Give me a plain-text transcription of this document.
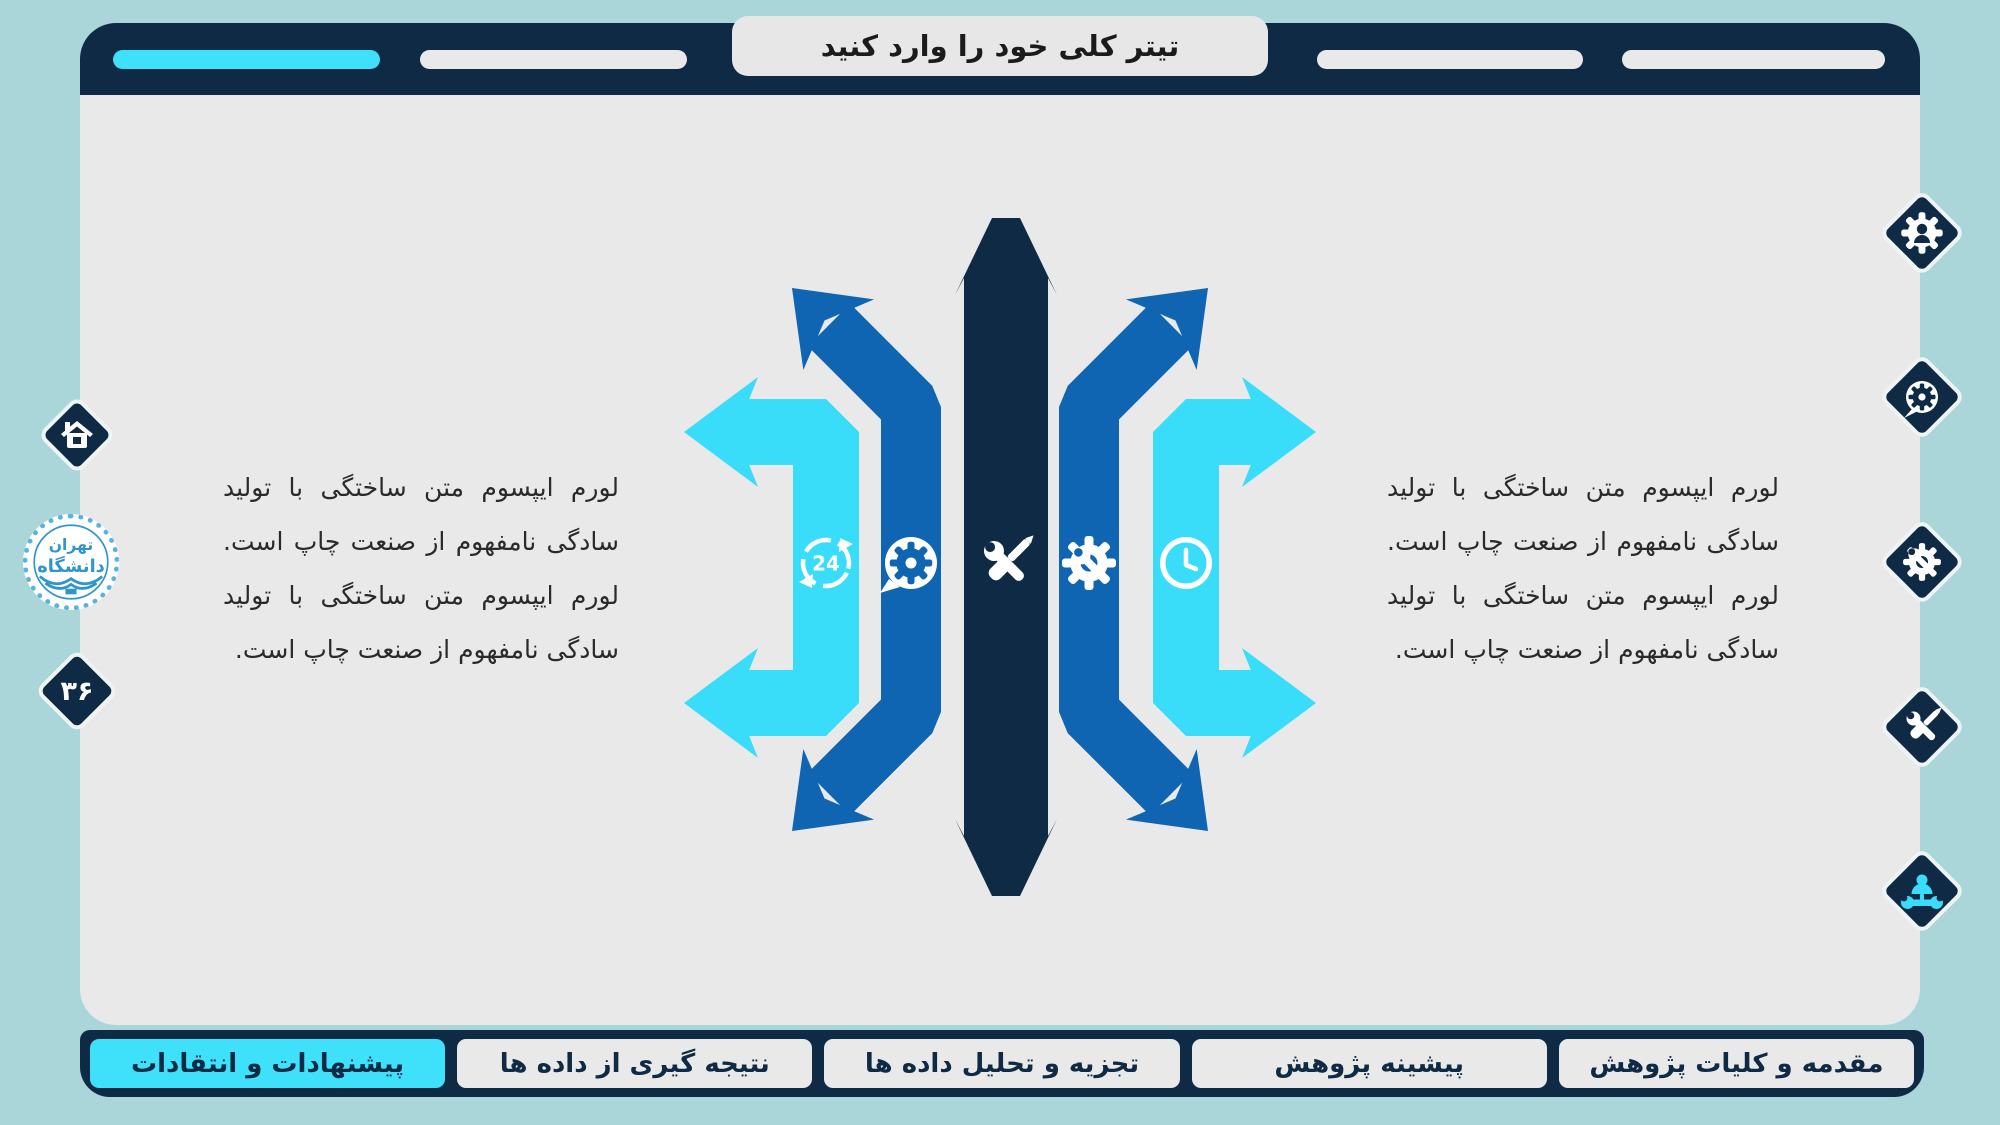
تیتر کلی خود را وارد کنید
تهران
دانشگاه
۳۶
لورم ایپسوم متن ساختگی با تولید سادگی نامفهوم از صنعت چاپ است. لورم ایپسوم متن ساختگی با تولید سادگی نامفهوم از صنعت چاپ است.
لورم ایپسوم متن ساختگی با تولید سادگی نامفهوم از صنعت چاپ است. لورم ایپسوم متن ساختگی با تولید سادگی نامفهوم از صنعت چاپ است.
24
مقدمه و کلیات پژوهش
پیشینه پژوهش
تجزیه و تحلیل داده ها
نتیجه گیری از داده ها
پیشنهادات و انتقادات
